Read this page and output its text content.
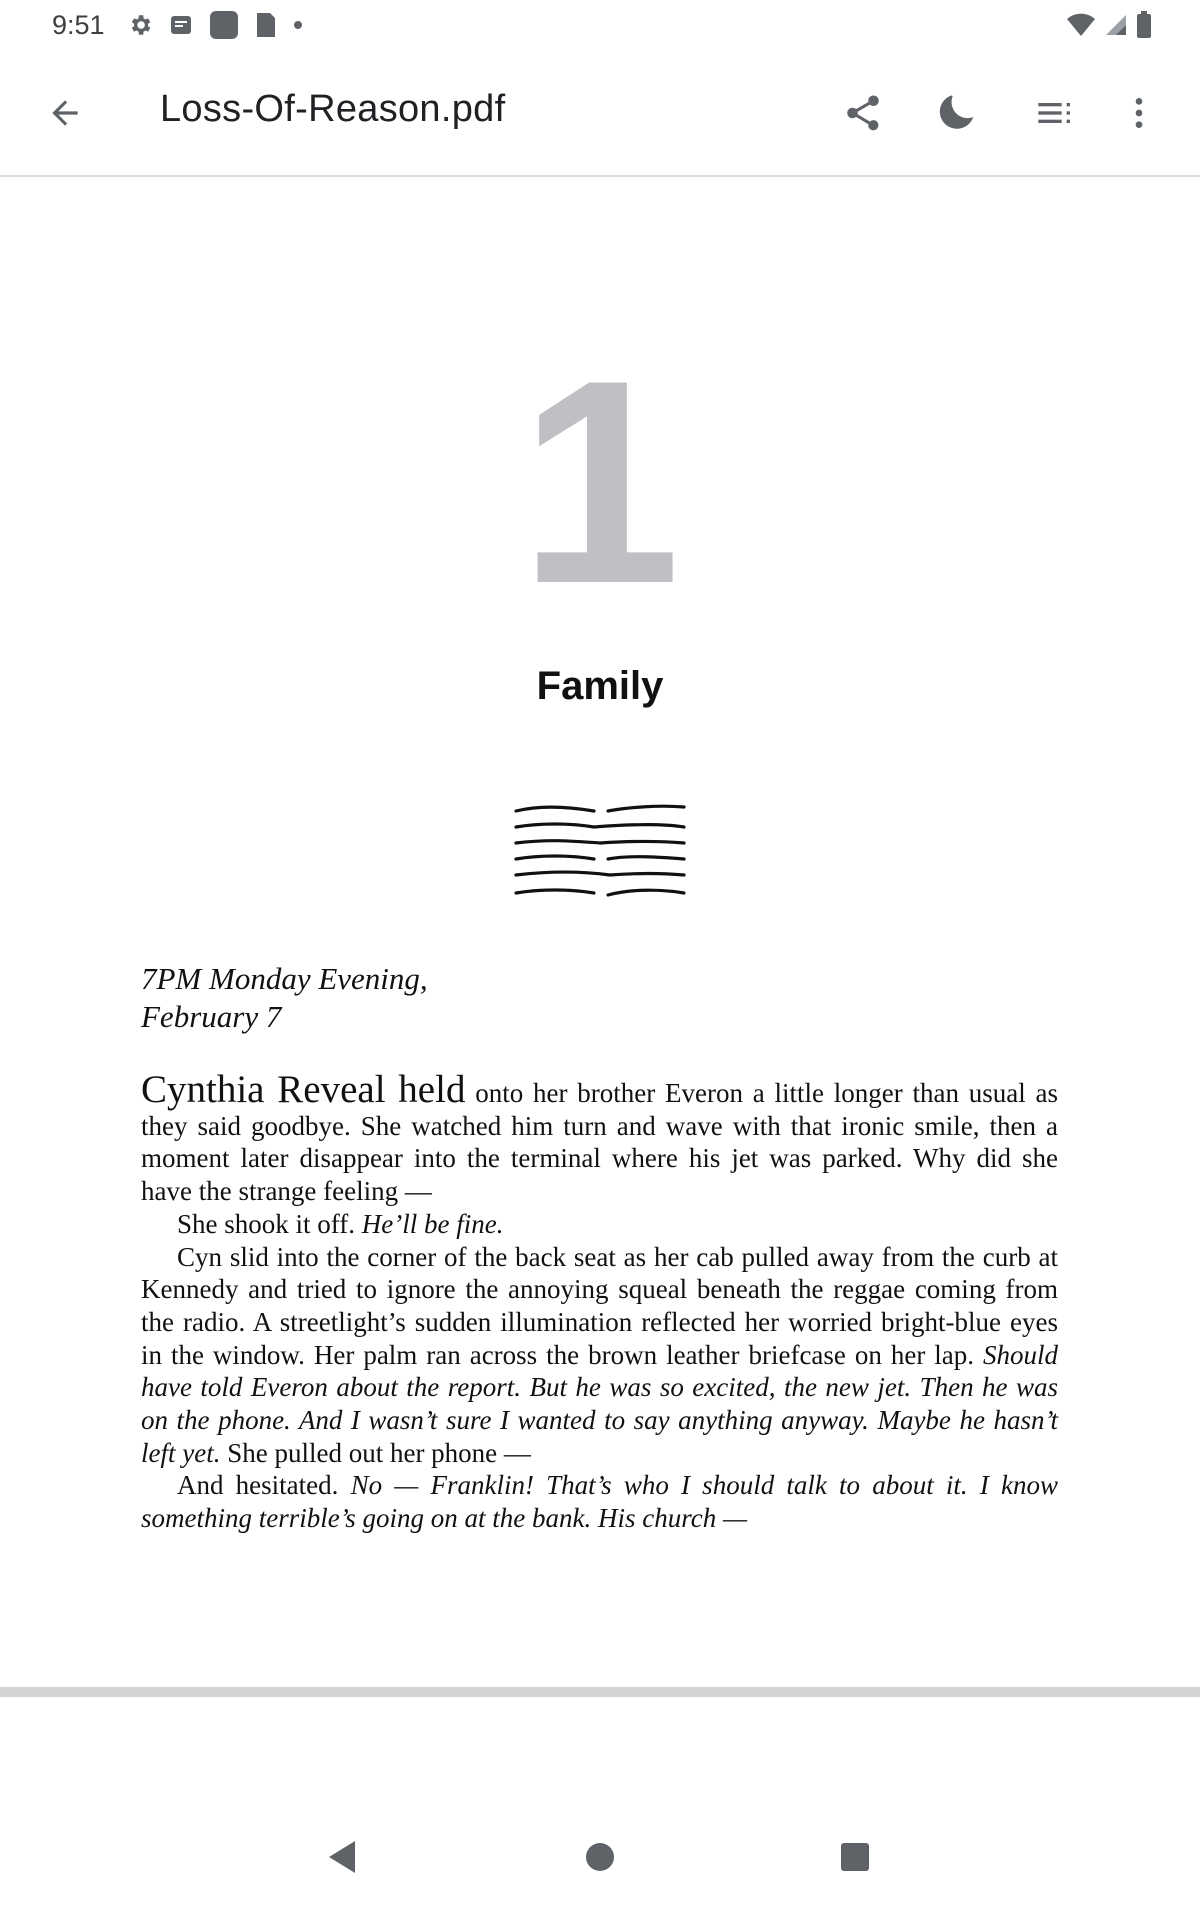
9:51
Loss-Of-Reason.pdf
1
Family
7PM Monday Evening,
February 7

Cynthia Reveal held onto her brother Everon a little longer than usual as they said goodbye. She watched him turn and wave with that ironic smile, then a moment later disappear into the terminal where his jet was parked. Why did she have the strange feeling —

She shook it off. He’ll be fine.

Cyn slid into the corner of the back seat as her cab pulled away from the curb at Kennedy and tried to ignore the annoying squeal beneath the reggae coming from the radio. A streetlight’s sudden illumination reflected her worried bright-blue eyes in the window. Her palm ran across the brown leather briefcase on her lap. Should have told Everon about the report. But he was so excited, the new jet. Then he was on the phone. And I wasn’t sure I wanted to say anything anyway. Maybe he hasn’t left yet. She pulled out her phone —

And hesitated. No — Franklin! That’s who I should talk to about it. I know something terrible’s going on at the bank. His church —
